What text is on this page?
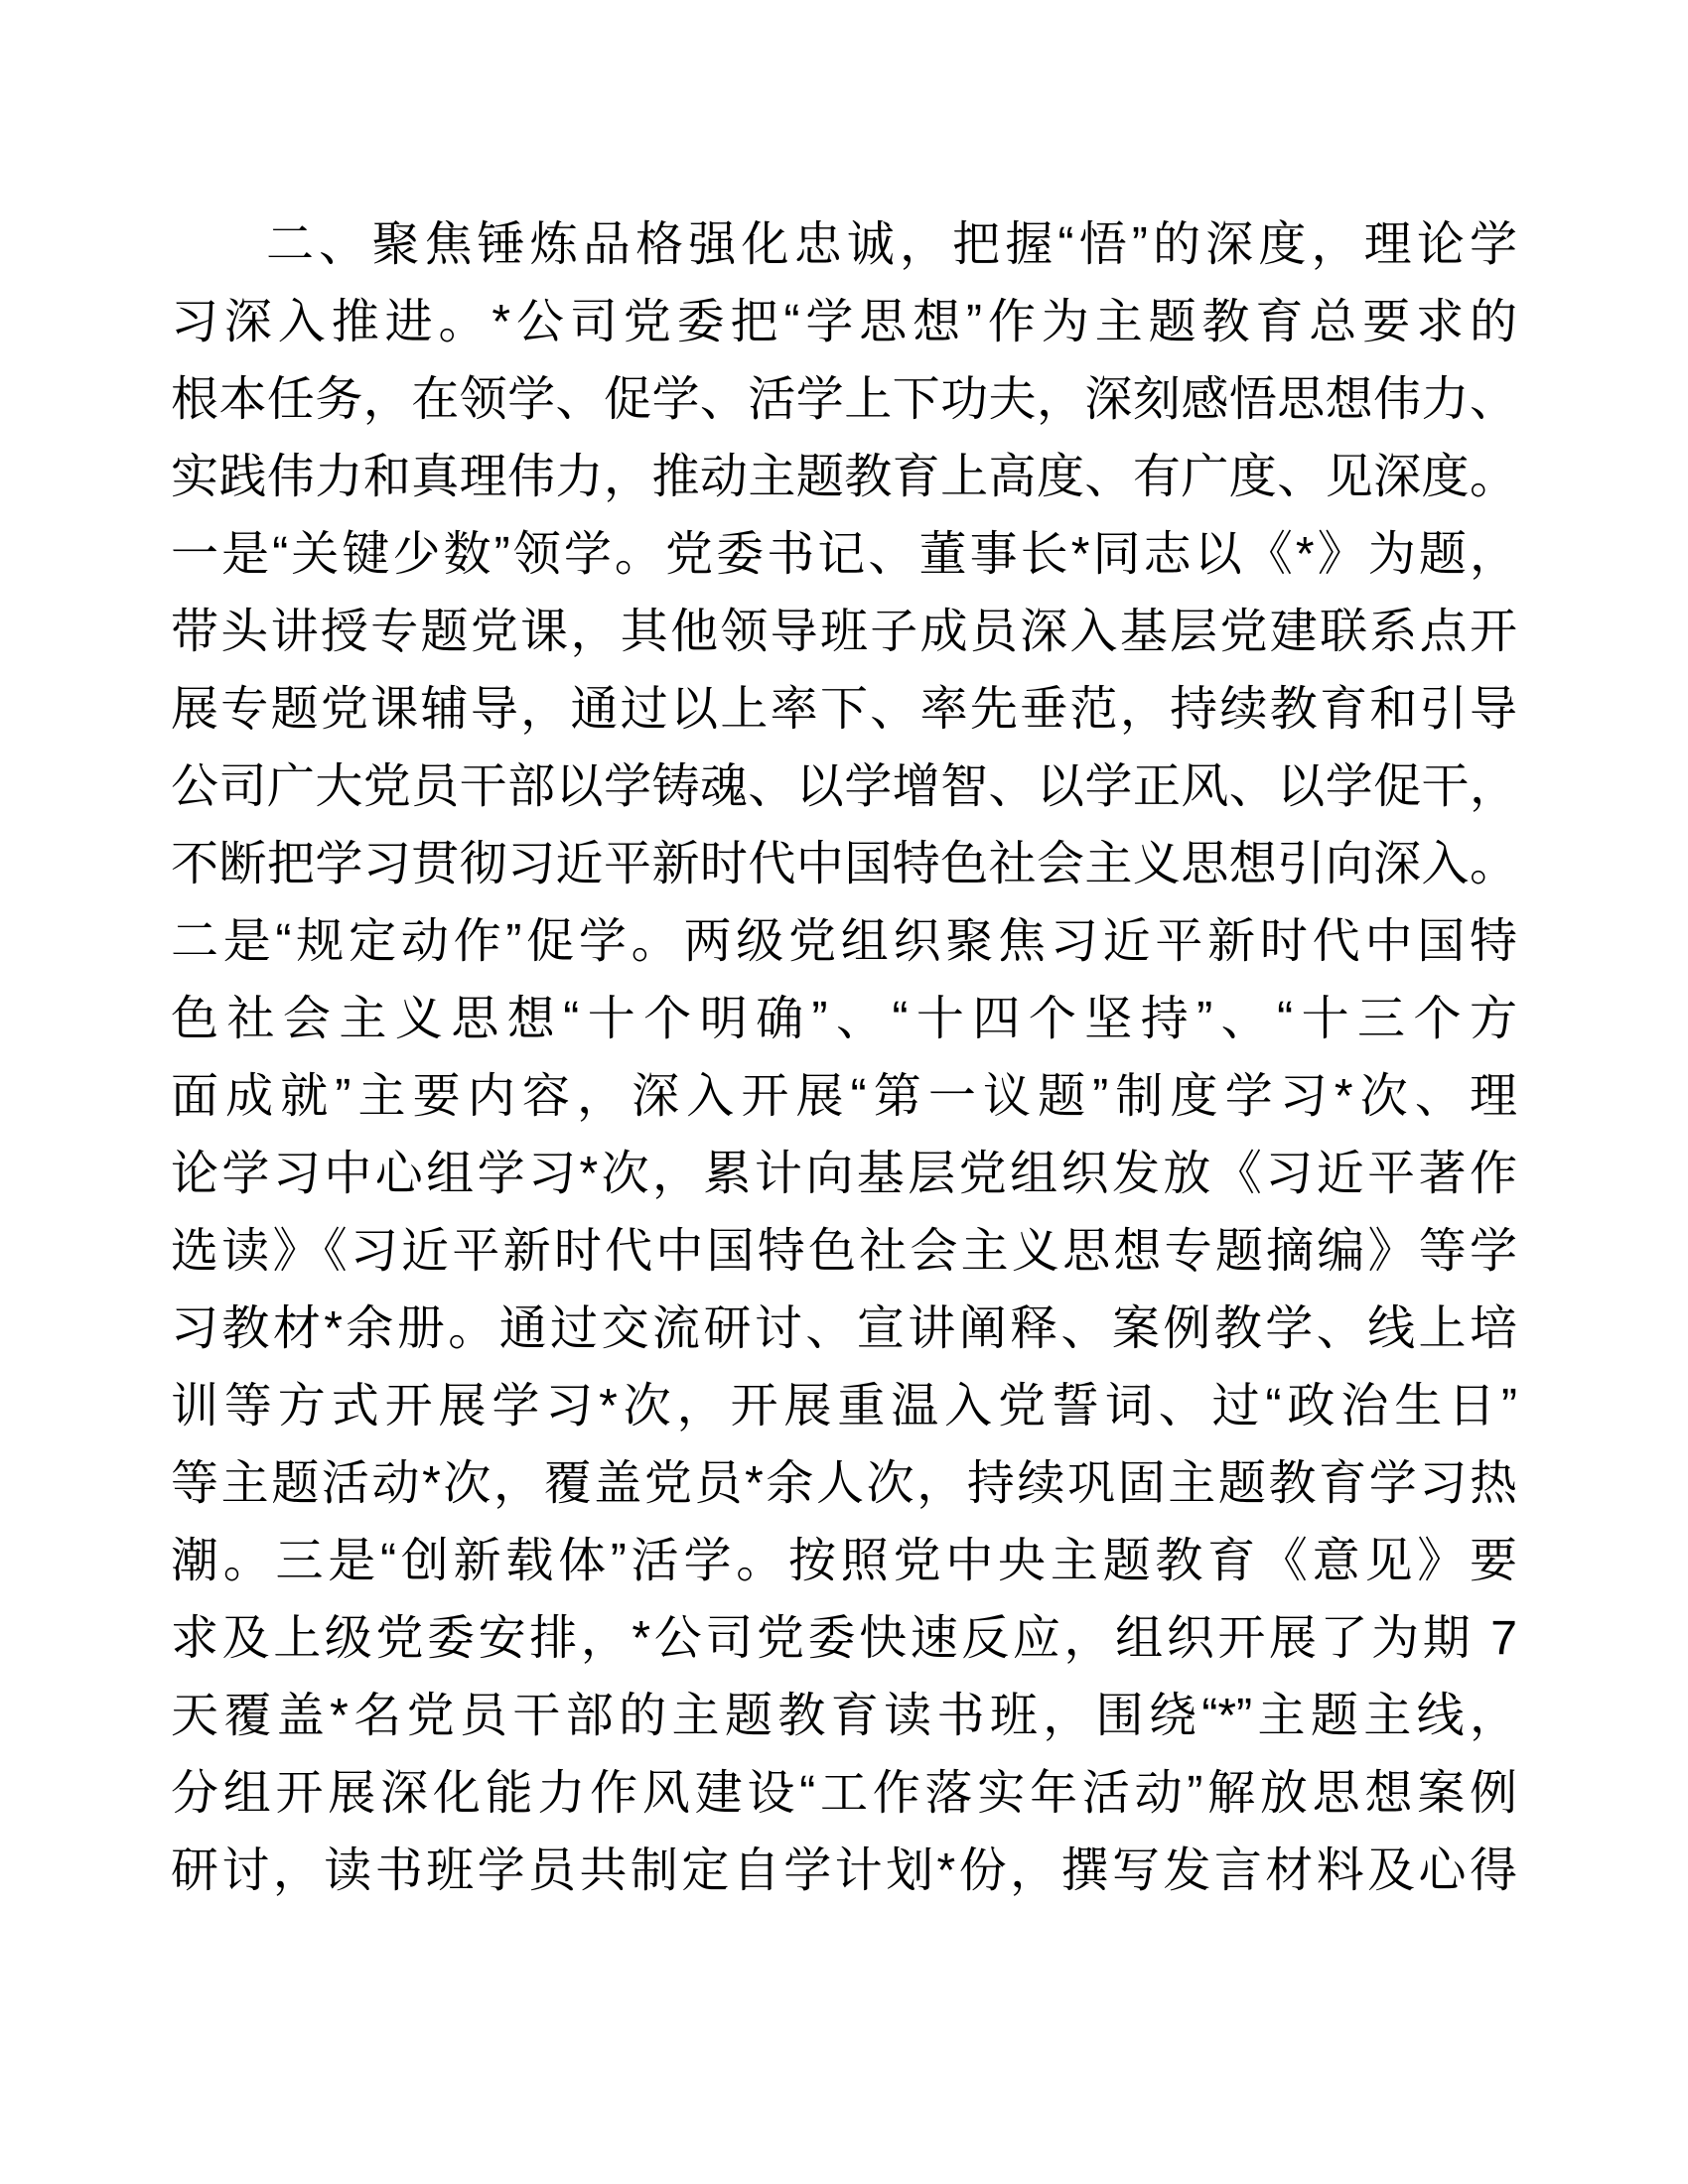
二、聚焦锤炼品格强化忠诚，把握“悟”的深度，理论学
习深入推进。*公司党委把“学思想”作为主题教育总要求的
根本任务，在领学、促学、活学上下功夫，深刻感悟思想伟力、
实践伟力和真理伟力，推动主题教育上高度、有广度、见深度。
一是“关键少数”领学。党委书记、董事长*同志以《*》为题，
带头讲授专题党课，其他领导班子成员深入基层党建联系点开
展专题党课辅导，通过以上率下、率先垂范，持续教育和引导
公司广大党员干部以学铸魂、以学增智、以学正风、以学促干，
不断把学习贯彻习近平新时代中国特色社会主义思想引向深入。
二是“规定动作”促学。两级党组织聚焦习近平新时代中国特
色社会主义思想“十个明确”、“十四个坚持”、“十三个方
面成就”主要内容，深入开展“第一议题”制度学习*次、理
论学习中心组学习*次，累计向基层党组织发放《习近平著作
选读》《习近平新时代中国特色社会主义思想专题摘编》等学
习教材*余册。通过交流研讨、宣讲阐释、案例教学、线上培
训等方式开展学习*次，开展重温入党誓词、过“政治生日”
等主题活动*次，覆盖党员*余人次，持续巩固主题教育学习热
潮。三是“创新载体”活学。按照党中央主题教育《意见》要
求及上级党委安排，*公司党委快速反应，组织开展了为期 7
天覆盖*名党员干部的主题教育读书班，围绕“*”主题主线，
分组开展深化能力作风建设“工作落实年活动”解放思想案例
研讨，读书班学员共制定自学计划*份，撰写发言材料及心得
